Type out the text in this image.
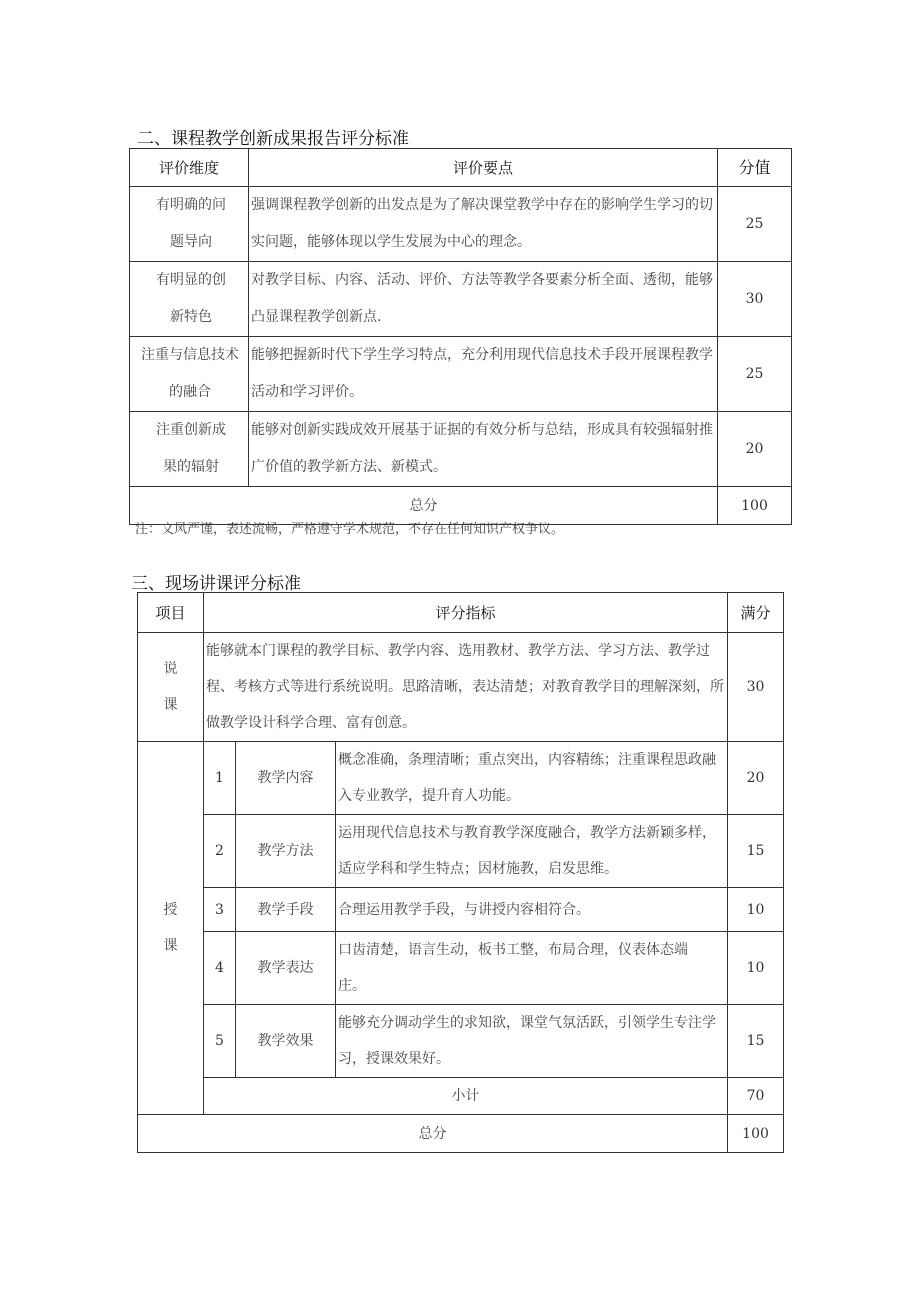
二、课程教学创新成果报告评分标准
评价维度	评价要点	分值
有明确的问题导向	强调课程教学创新的出发点是为了解决课堂教学中存在的影响学生学习的切实问题，能够体现以学生发展为中心的理念。	25
有明显的创新特色	对教学目标、内容、活动、评价、方法等教学各要素分析全面、透彻，能够凸显课程教学创新点.	30
注重与信息技术的融合	能够把握新时代下学生学习特点，充分利用现代信息技术手段开展课程教学活动和学习评价。	25
注重创新成果的辐射	能够对创新实践成效开展基于证据的有效分析与总结，形成具有较强辐射推广价值的教学新方法、新模式。	20
总分		100
注：文风严谨，表述流畅，严格遵守学术规范，不存在任何知识产权争议。
三、现场讲课评分标准
项目	评分指标			满分
说课	能够就本门课程的教学目标、教学内容、选用教材、教学方法、学习方法、教学过程、考核方式等进行系统说明。思路清晰，表达清楚；对教育教学目的理解深刻，所做教学设计科学合理、富有创意。			30
授课	1	教学内容	概念准确，条理清晰；重点突出，内容精练；注重课程思政融入专业教学，提升育人功能。	20
	2	教学方法	运用现代信息技术与教育教学深度融合，教学方法新颖多样，适应学科和学生特点；因材施教，启发思维。	15
	3	教学手段	合理运用教学手段，与讲授内容相符合。	10
	4	教学表达	口齿清楚，语言生动，板书工整，布局合理，仪表体态端庄。	10
	5	教学效果	能够充分调动学生的求知欲，课堂气氛活跃，引领学生专注学习，授课效果好。	15
	小计			70
总分				100
